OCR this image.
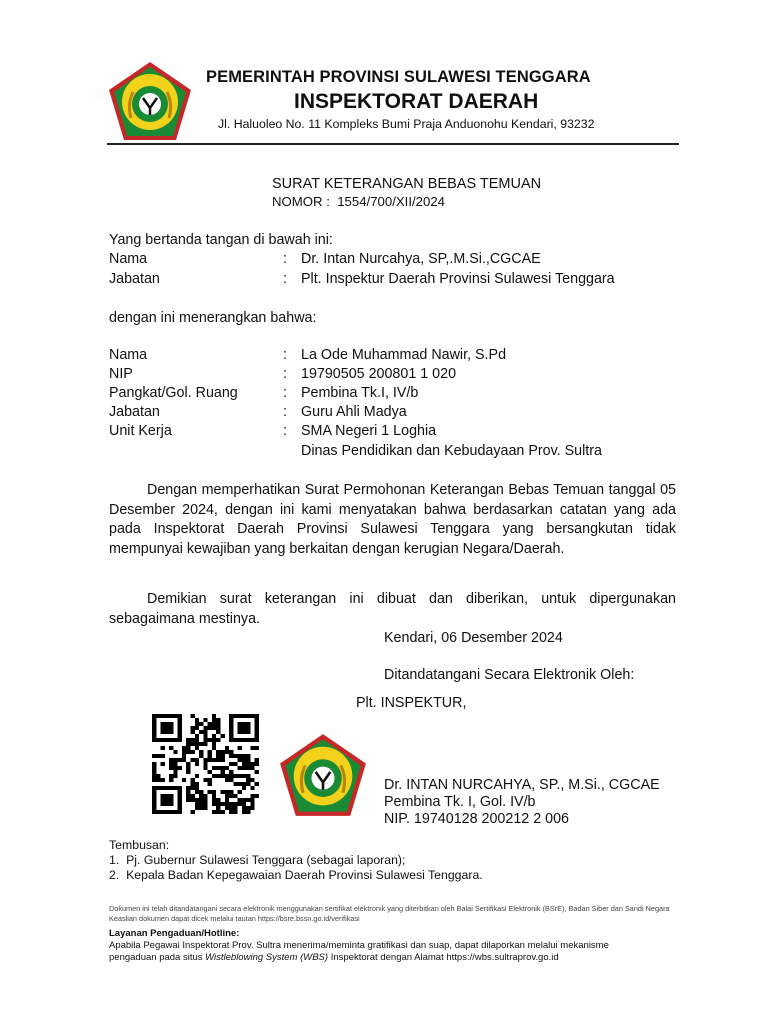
PEMERINTAH PROVINSI SULAWESI TENGGARA
INSPEKTORAT DAERAH
Jl. Haluoleo No. 11 Kompleks Bumi Praja Anduonohu Kendari, 93232
SURAT KETERANGAN BEBAS TEMUAN
NOMOR : 1554/700/XII/2024
Yang bertanda tangan di bawah ini:
Nama	: Dr. Intan Nurcahya, SP,.M.Si.,CGCAE
Jabatan	: Plt. Inspektur Daerah Provinsi Sulawesi Tenggara
dengan ini menerangkan bahwa:
Nama	: La Ode Muhammad Nawir, S.Pd
NIP	: 19790505 200801 1 020
Pangkat/Gol. Ruang	: Pembina Tk.I, IV/b
Jabatan	: Guru Ahli Madya
Unit Kerja	: SMA Negeri 1 Loghia
Dinas Pendidikan dan Kebudayaan Prov. Sultra

Dengan memperhatikan Surat Permohonan Keterangan Bebas Temuan tanggal 05 Desember 2024, dengan ini kami menyatakan bahwa berdasarkan catatan yang ada pada Inspektorat Daerah Provinsi Sulawesi Tenggara yang bersangkutan tidak mempunyai kewajiban yang berkaitan dengan kerugian Negara/Daerah.

Demikian surat keterangan ini dibuat dan diberikan, untuk dipergunakan sebagaimana mestinya.

Kendari, 06 Desember 2024
Ditandatangani Secara Elektronik Oleh:
Plt. INSPEKTUR,
Dr. INTAN NURCAHYA, SP., M.Si., CGCAE
Pembina Tk. I, Gol. IV/b
NIP. 19740128 200212 2 006
Tembusan:
1.  Pj. Gubernur Sulawesi Tenggara (sebagai laporan);
2.  Kepala Badan Kepegawaian Daerah Provinsi Sulawesi Tenggara.
Dokumen ini telah ditandatangani secara elektronik menggunakan sertifikat elektronik yang diterbitkan oleh Balai Sertifikasi Elektronik (BSrE), Badan Siber dan Sandi Negara
Keaslian dokumen dapat dicek melalui tautan https://bsre.bssn.go.id/verifikasi
Layanan Pengaduan/Hotline:
Apabila Pegawai Inspektorat Prov. Sultra menerima/meminta gratifikasi dan suap, dapat dilaporkan melalui mekanisme
pengaduan pada situs Wistleblowing System (WBS) Inspektorat dengan Alamat https://wbs.sultraprov.go.id
